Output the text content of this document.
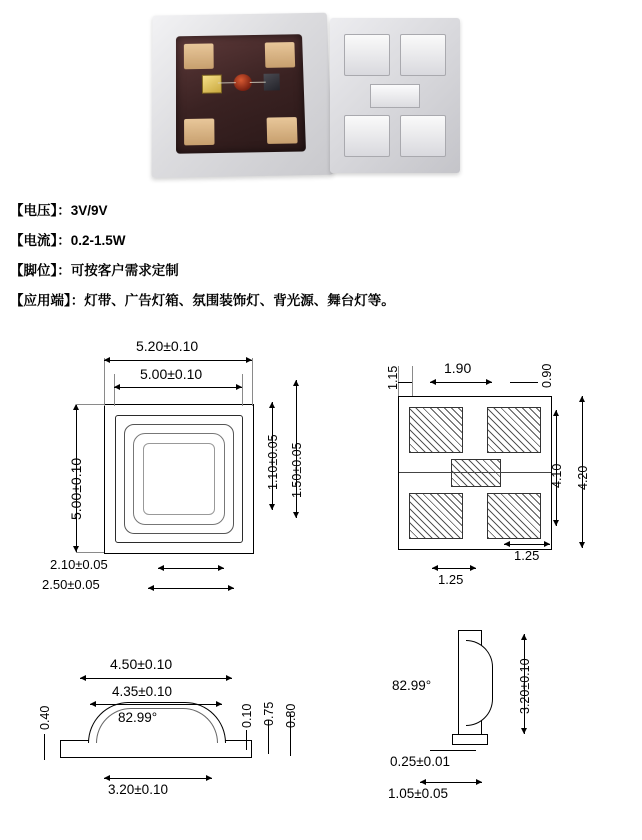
【电压】：3V/9V
【电流】：0.2-1.5W
【脚位】：可按客户需求定制
【应用端】：灯带、广告灯箱、氛围装饰灯、背光源、舞台灯等。
5.20±0.10
5.00±0.10
5.00±0.10	1.10±0.05 1.50±0.05
2.10±0.05
2.50±0.05
1.15	1.90	0.90
4.10 4.20
1.25
1.25
0.40
4.50±0.10
4.35±0.10
82.99°	0.10 0.75 0.80
3.20±0.10
82.99°	3.20±0.10
0.25±0.01
1.05±0.05
